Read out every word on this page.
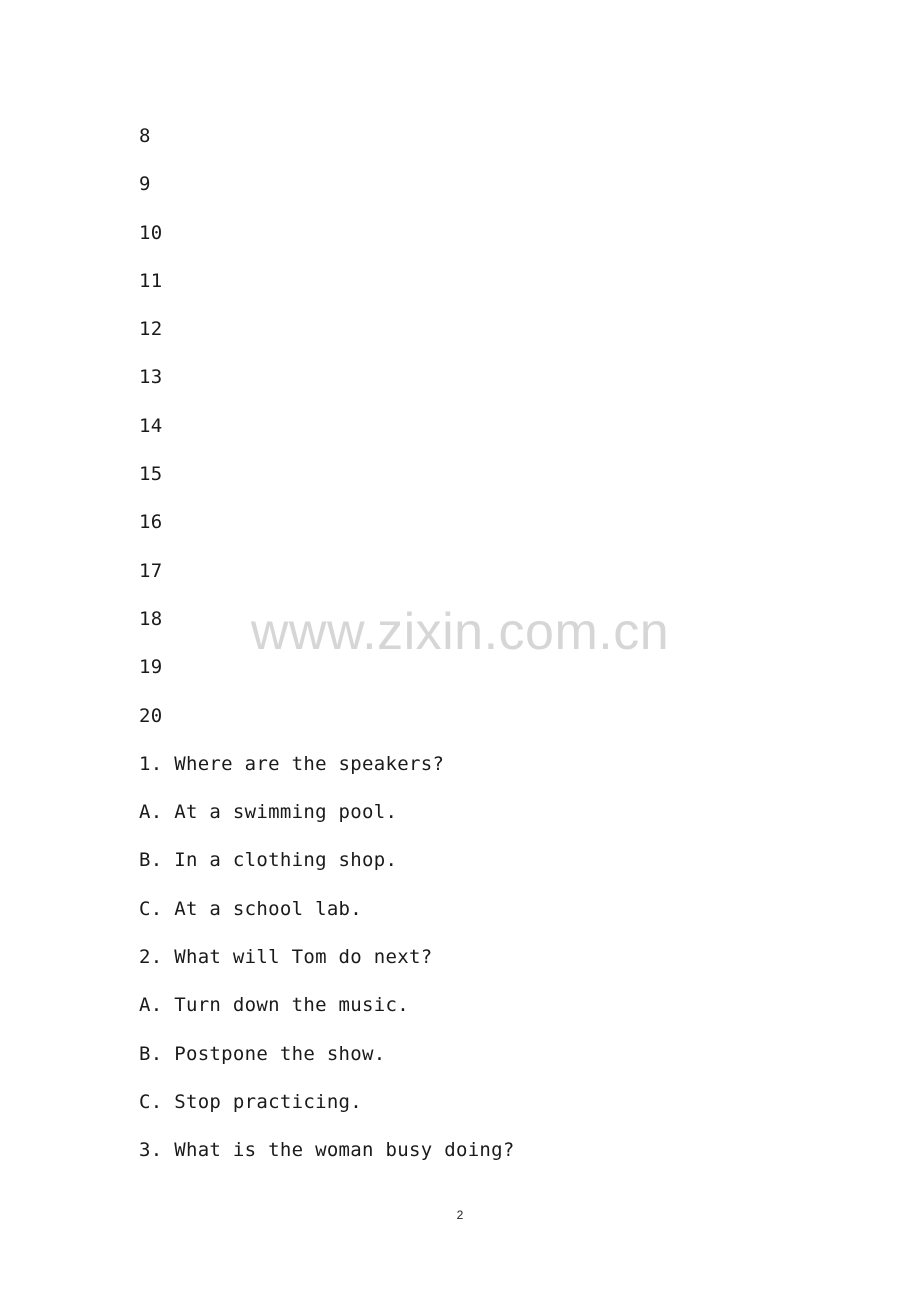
8
9
10
11
12
13
14
15
16
17
18
19
20
1. Where are the speakers?
A. At a swimming pool.
B. In a clothing shop.
C. At a school lab.
2. What will Tom do next?
A. Turn down the music.
B. Postpone the show.
C. Stop practicing.
3. What is the woman busy doing?
www.zixin.com.cn
2
